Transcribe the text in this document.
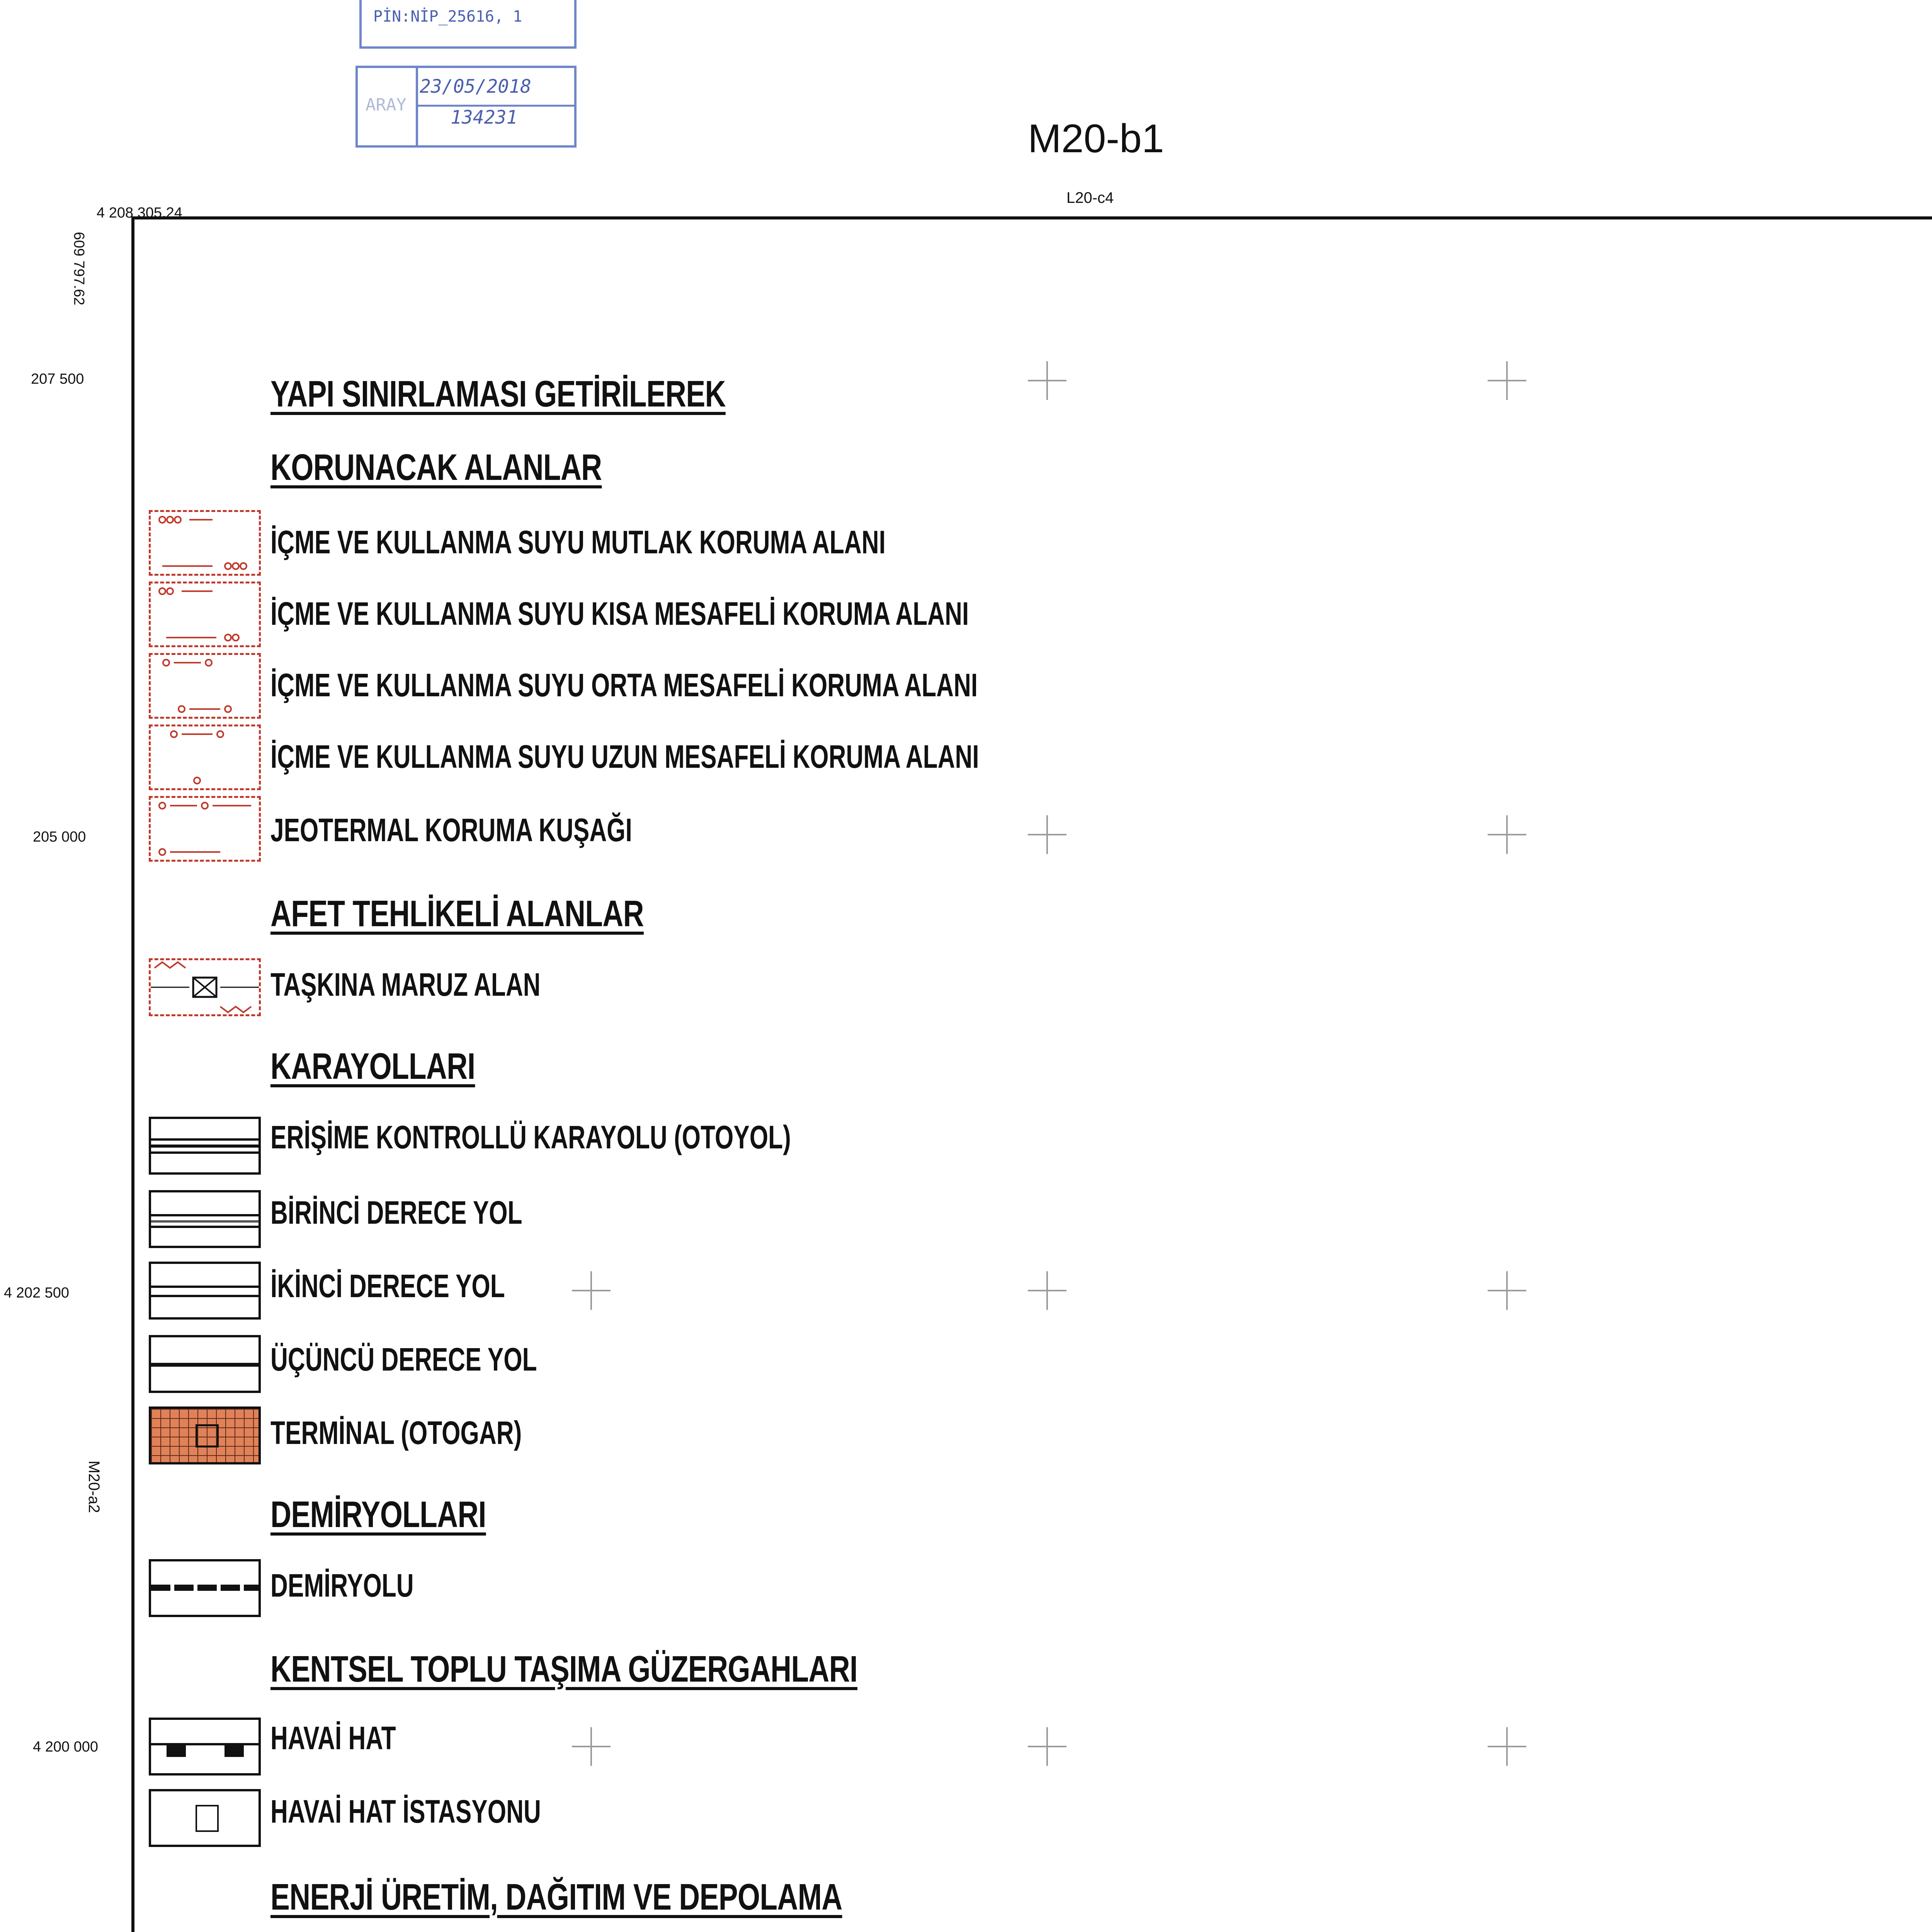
PİN:NİP_25616, 1
ARAY
23/05/2018
134231	M20-b1
L20-c4
M20-a2
4 208 305.24
609 797.62
207 500
205 000
4 202 500
4 200 000
YAPI SINIRLAMASI GETİRİLEREK
KORUNACAK ALANLAR
İÇME VE KULLANMA SUYU MUTLAK KORUMA ALANI
İÇME VE KULLANMA SUYU KISA MESAFELİ KORUMA ALANI
İÇME VE KULLANMA SUYU ORTA MESAFELİ KORUMA ALANI
İÇME VE KULLANMA SUYU UZUN MESAFELİ KORUMA ALANI
JEOTERMAL KORUMA KUŞAĞI
AFET TEHLİKELİ ALANLAR
TAŞKINA MARUZ ALAN
KARAYOLLARI
ERİŞİME KONTROLLÜ KARAYOLU (OTOYOL)
BİRİNCİ DERECE YOL
İKİNCİ DERECE YOL
ÜÇÜNCÜ DERECE YOL
TERMİNAL (OTOGAR)
DEMİRYOLLARI
DEMİRYOLU
KENTSEL TOPLU TAŞIMA GÜZERGAHLARI
HAVAİ HAT
HAVAİ HAT İSTASYONU
ENERJİ ÜRETİM, DAĞITIM VE DEPOLAMA
